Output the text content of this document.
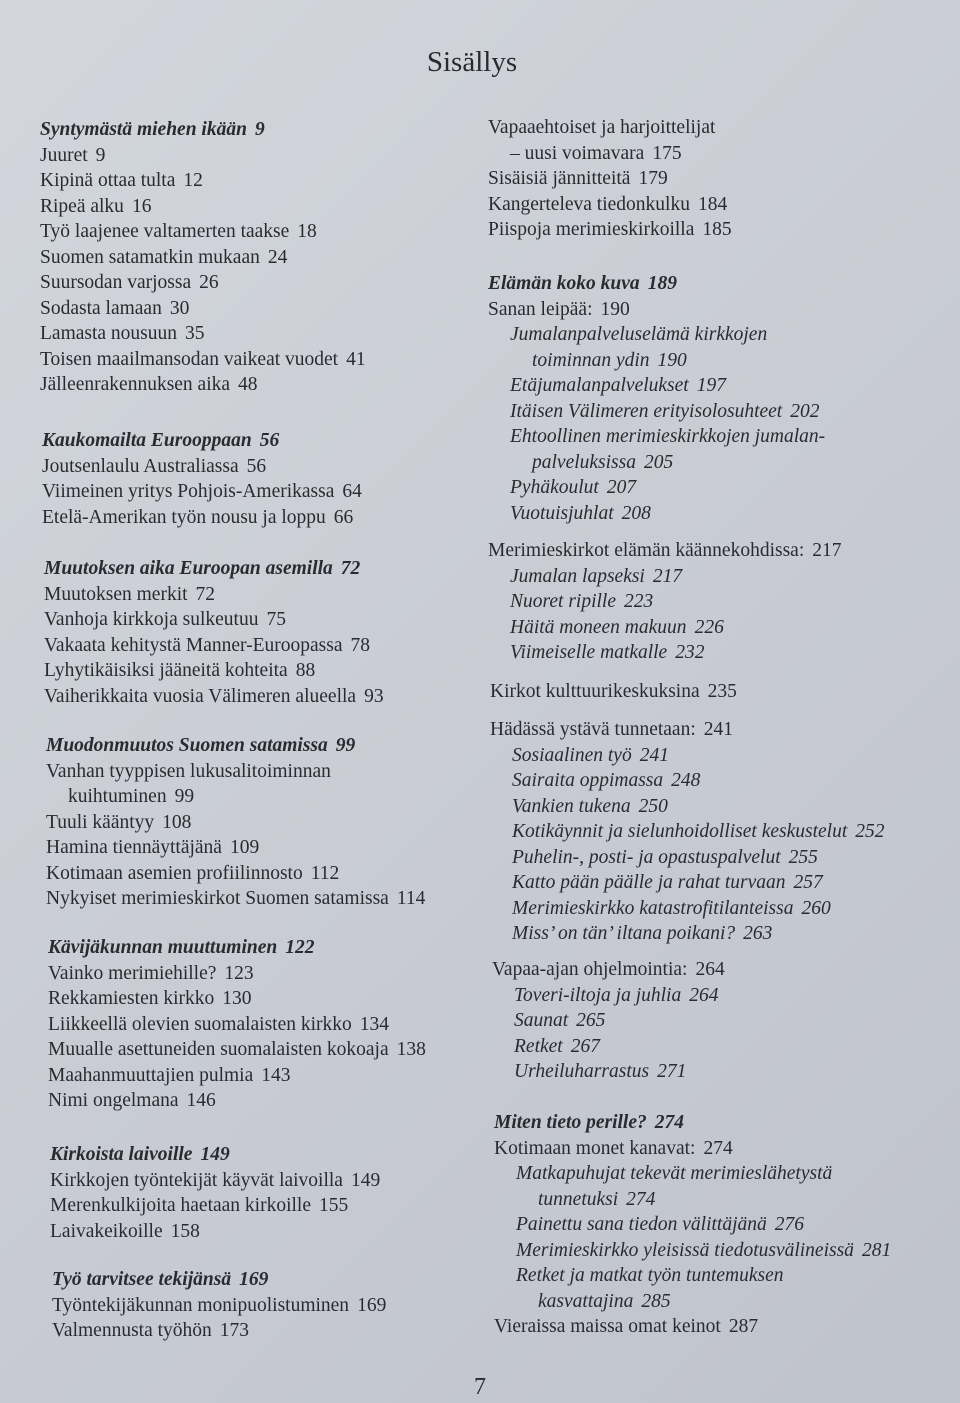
Sisällys
Syntymästä miehen ikään 9
Juuret 9
Kipinä ottaa tulta 12
Ripeä alku 16
Työ laajenee valtamerten taakse 18
Suomen satamatkin mukaan 24
Suursodan varjossa 26
Sodasta lamaan 30
Lamasta nousuun 35
Toisen maailmansodan vaikeat vuodet 41
Jälleenrakennuksen aika 48
Kaukomailta Eurooppaan 56
Joutsenlaulu Australiassa 56
Viimeinen yritys Pohjois-Amerikassa 64
Etelä-Amerikan työn nousu ja loppu 66
Muutoksen aika Euroopan asemilla 72
Muutoksen merkit 72
Vanhoja kirkkoja sulkeutuu 75
Vakaata kehitystä Manner-Euroopassa 78
Lyhytikäisiksi jääneitä kohteita 88
Vaiherikkaita vuosia Välimeren alueella 93
Muodonmuutos Suomen satamissa 99
Vanhan tyyppisen lukusalitoiminnan
kuihtuminen 99
Tuuli kääntyy 108
Hamina tiennäyttäjänä 109
Kotimaan asemien profiilinnosto 112
Nykyiset merimieskirkot Suomen satamissa 114
Kävijäkunnan muuttuminen 122
Vainko merimiehille? 123
Rekkamiesten kirkko 130
Liikkeellä olevien suomalaisten kirkko 134
Muualle asettuneiden suomalaisten kokoaja 138
Maahanmuuttajien pulmia 143
Nimi ongelmana 146
Kirkoista laivoille 149
Kirkkojen työntekijät käyvät laivoilla 149
Merenkulkijoita haetaan kirkoille 155
Laivakeikoille 158
Työ tarvitsee tekijänsä 169
Työntekijäkunnan monipuolistuminen 169
Valmennusta työhön 173
Vapaaehtoiset ja harjoittelijat
– uusi voimavara 175
Sisäisiä jännitteitä 179
Kangerteleva tiedonkulku 184
Piispoja merimieskirkoilla 185
Elämän koko kuva 189
Sanan leipää: 190
Jumalanpalveluselämä kirkkojen
toiminnan ydin 190
Etäjumalanpalvelukset 197
Itäisen Välimeren erityisolosuhteet 202
Ehtoollinen merimieskirkkojen jumalan-
palveluksissa 205
Pyhäkoulut 207
Vuotuisjuhlat 208
Merimieskirkot elämän käännekohdissa: 217
Jumalan lapseksi 217
Nuoret ripille 223
Häitä moneen makuun 226
Viimeiselle matkalle 232
Kirkot kulttuurikeskuksina 235
Hädässä ystävä tunnetaan: 241
Sosiaalinen työ 241
Sairaita oppimassa 248
Vankien tukena 250
Kotikäynnit ja sielunhoidolliset keskustelut 252
Puhelin-, posti- ja opastuspalvelut 255
Katto pään päälle ja rahat turvaan 257
Merimieskirkko katastrofitilanteissa 260
Miss’ on tän’ iltana poikani? 263
Vapaa-ajan ohjelmointia: 264
Toveri-iltoja ja juhlia 264
Saunat 265
Retket 267
Urheiluharrastus 271
Miten tieto perille? 274
Kotimaan monet kanavat: 274
Matkapuhujat tekevät merimieslähetystä
tunnetuksi 274
Painettu sana tiedon välittäjänä 276
Merimieskirkko yleisissä tiedotusvälineissä 281
Retket ja matkat työn tuntemuksen
kasvattajina 285
Vieraissa maissa omat keinot 287
7
